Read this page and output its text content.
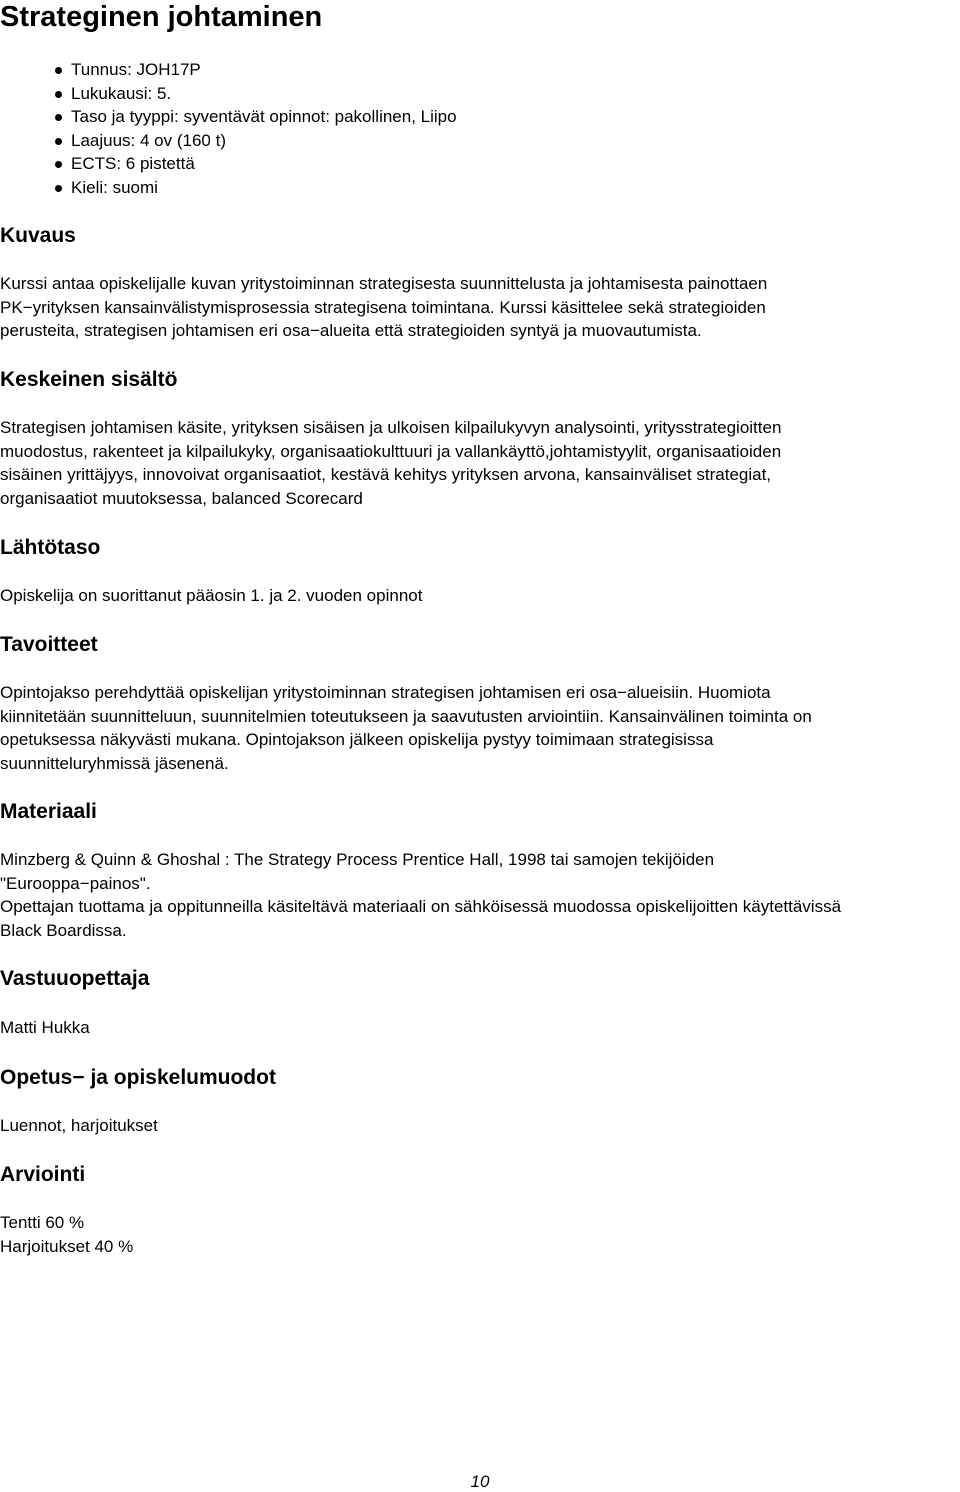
Strateginen johtaminen
Tunnus: JOH17P
Lukukausi: 5.
Taso ja tyyppi: syventävät opinnot: pakollinen, Liipo
Laajuus: 4 ov (160 t)
ECTS: 6 pistettä
Kieli: suomi
Kuvaus
Kurssi antaa opiskelijalle kuvan yritystoiminnan strategisesta suunnittelusta ja johtamisesta painottaen
PK−yrityksen kansainvälistymisprosessia strategisena toimintana. Kurssi käsittelee sekä strategioiden
perusteita, strategisen johtamisen eri osa−alueita että strategioiden syntyä ja muovautumista.
Keskeinen sisältö
Strategisen johtamisen käsite, yrityksen sisäisen ja ulkoisen kilpailukyvyn analysointi, yritysstrategioitten
muodostus, rakenteet ja kilpailukyky, organisaatiokulttuuri ja vallankäyttö,johtamistyylit, organisaatioiden
sisäinen yrittäjyys, innovoivat organisaatiot, kestävä kehitys yrityksen arvona, kansainväliset strategiat,
organisaatiot muutoksessa, balanced Scorecard
Lähtötaso
Opiskelija on suorittanut pääosin 1. ja 2. vuoden opinnot
Tavoitteet
Opintojakso perehdyttää opiskelijan yritystoiminnan strategisen johtamisen eri osa−alueisiin. Huomiota
kiinnitetään suunnitteluun, suunnitelmien toteutukseen ja saavutusten arviointiin. Kansainvälinen toiminta on
opetuksessa näkyvästi mukana. Opintojakson jälkeen opiskelija pystyy toimimaan strategisissa
suunnitteluryhmissä jäsenenä.
Materiaali
Minzberg & Quinn & Ghoshal : The Strategy Process Prentice Hall, 1998 tai samojen tekijöiden
"Eurooppa−painos".
Opettajan tuottama ja oppitunneilla käsiteltävä materiaali on sähköisessä muodossa opiskelijoitten käytettävissä
Black Boardissa.
Vastuuopettaja
Matti Hukka
Opetus− ja opiskelumuodot
Luennot, harjoitukset
Arviointi
Tentti 60 %
Harjoitukset 40 %
10
